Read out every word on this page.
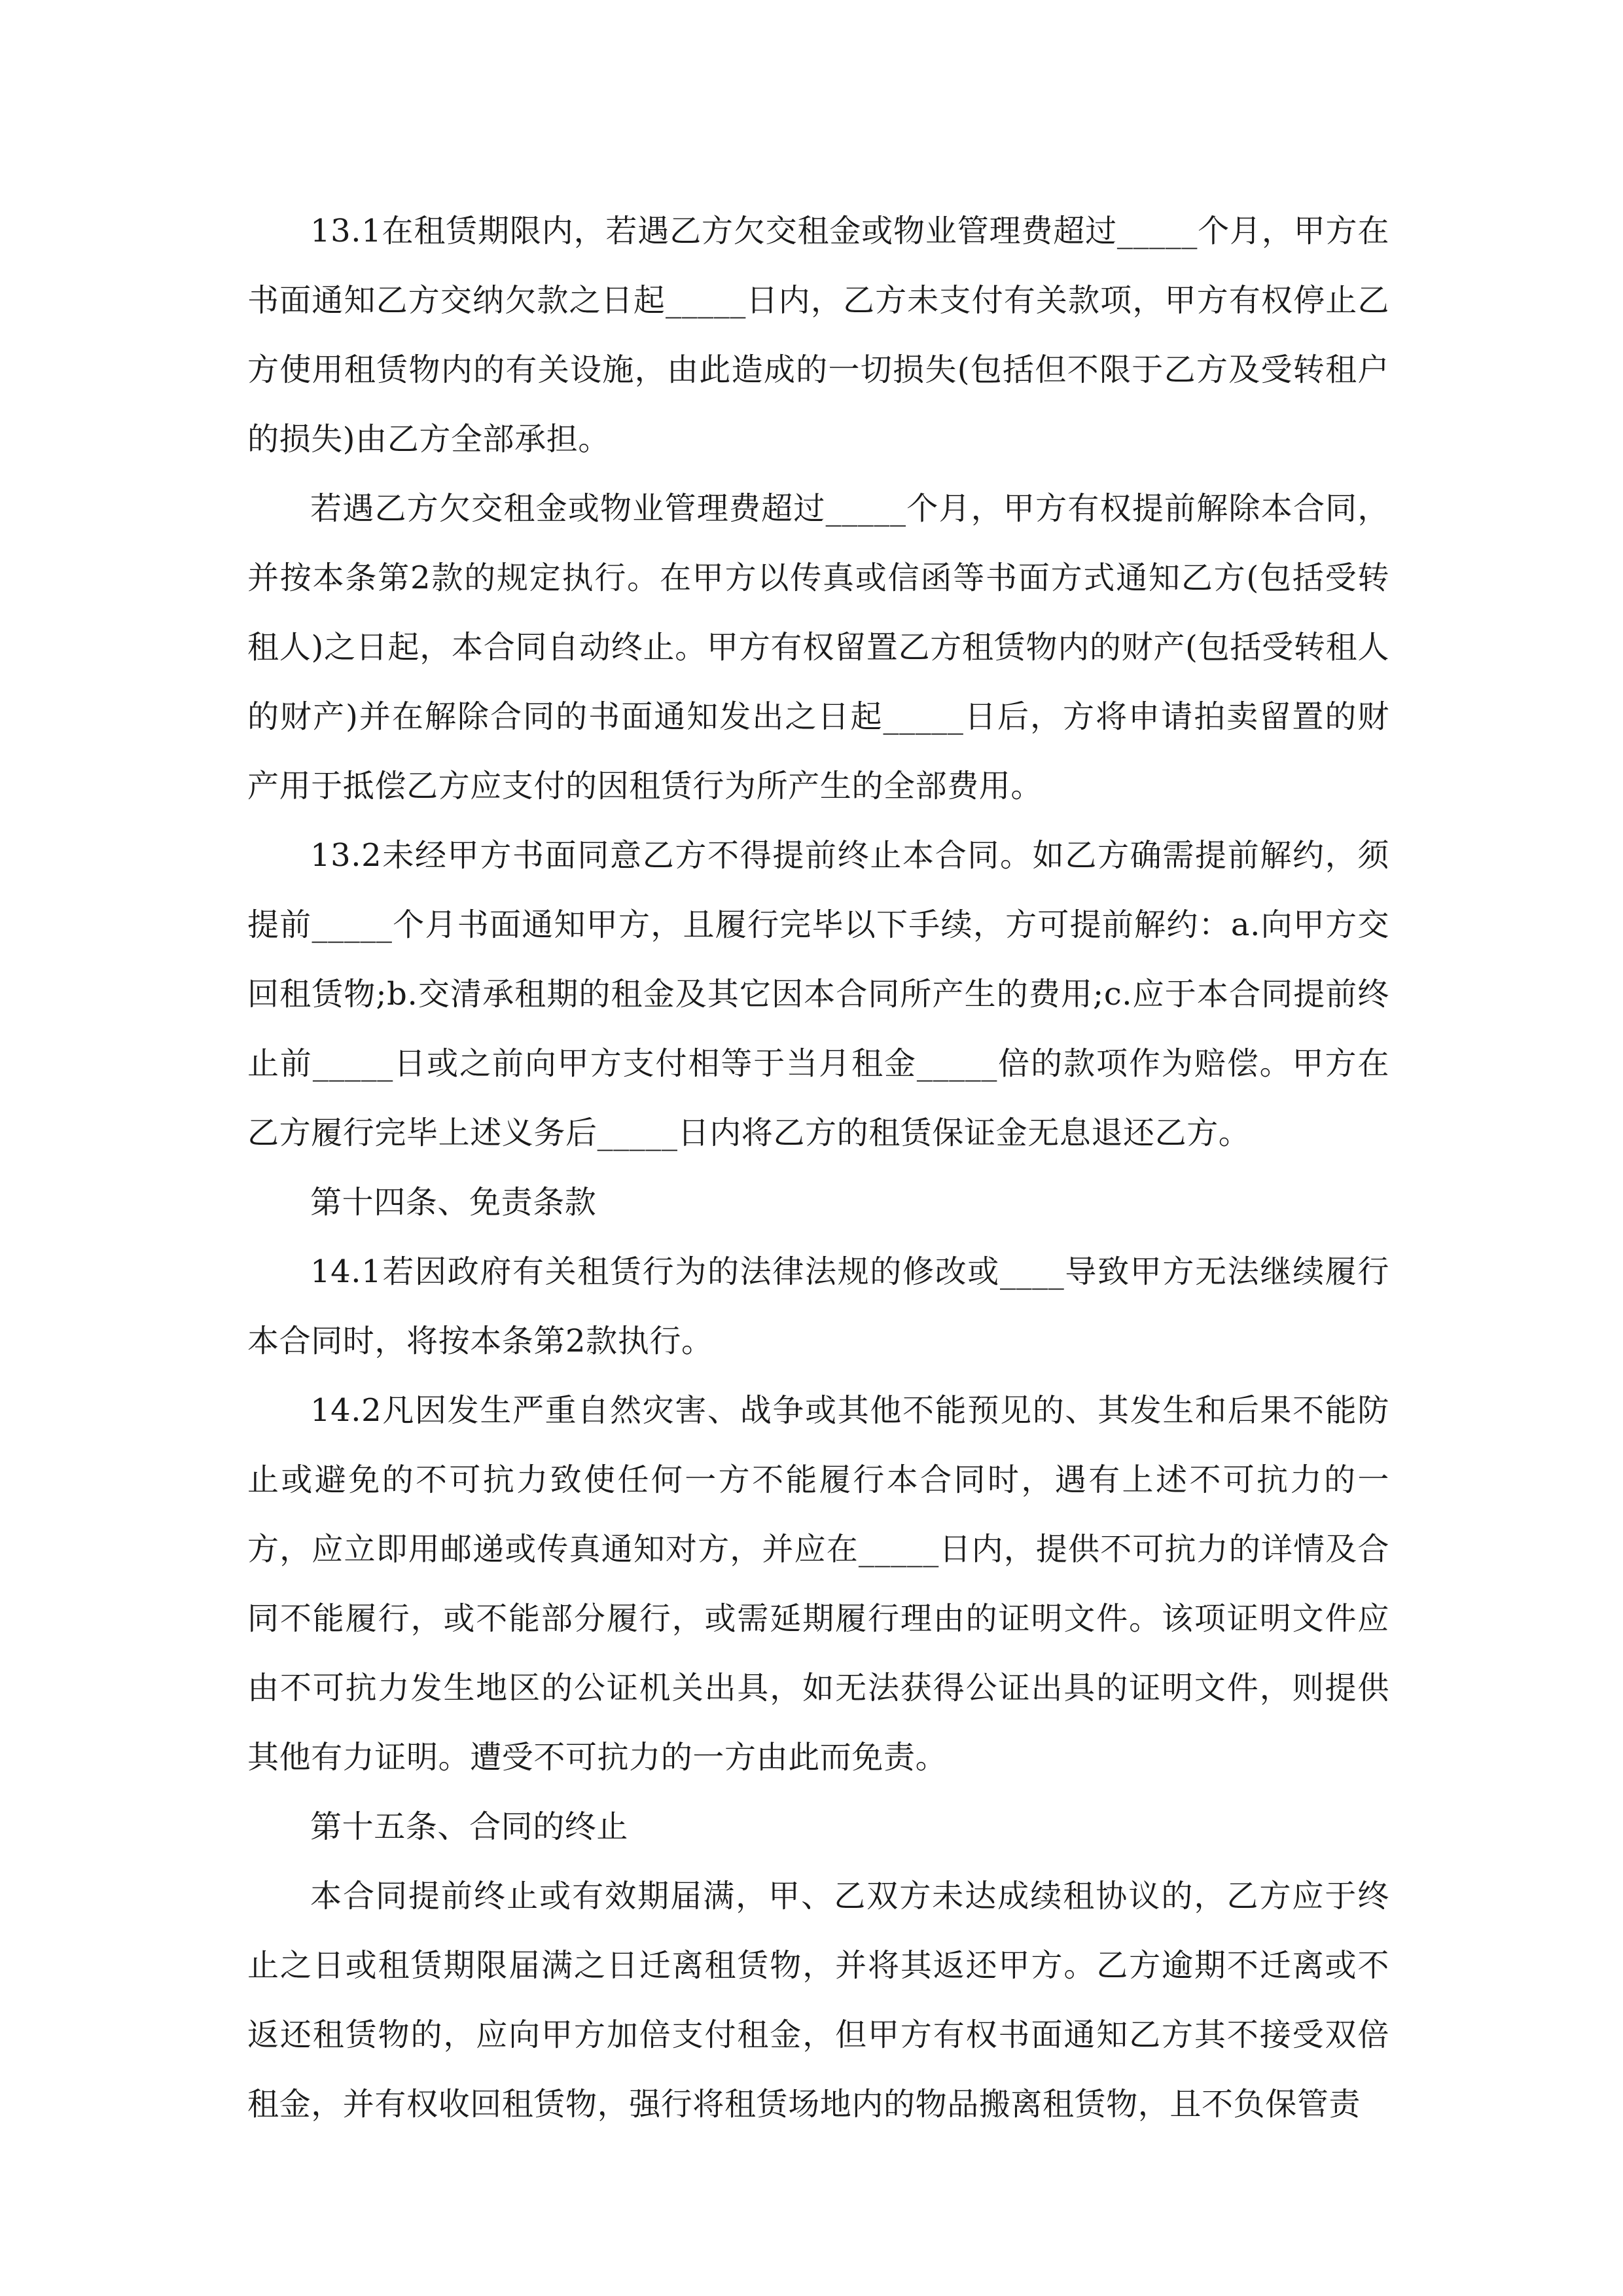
13.1在租赁期限内，若遇乙方欠交租金或物业管理费超过_____个月，甲方在书面通知乙方交纳欠款之日起_____日内，乙方未支付有关款项，甲方有权停止乙方使用租赁物内的有关设施，由此造成的一切损失(包括但不限于乙方及受转租户的损失)由乙方全部承担。

若遇乙方欠交租金或物业管理费超过_____个月，甲方有权提前解除本合同，并按本条第2款的规定执行。在甲方以传真或信函等书面方式通知乙方(包括受转租人)之日起，本合同自动终止。甲方有权留置乙方租赁物内的财产(包括受转租人的财产)并在解除合同的书面通知发出之日起_____日后，方将申请拍卖留置的财产用于抵偿乙方应支付的因租赁行为所产生的全部费用。

13.2未经甲方书面同意乙方不得提前终止本合同。如乙方确需提前解约，须提前_____个月书面通知甲方，且履行完毕以下手续，方可提前解约：a.向甲方交回租赁物;b.交清承租期的租金及其它因本合同所产生的费用;c.应于本合同提前终止前_____日或之前向甲方支付相等于当月租金_____倍的款项作为赔偿。甲方在乙方履行完毕上述义务后_____日内将乙方的租赁保证金无息退还乙方。

第十四条、免责条款

14.1若因政府有关租赁行为的法律法规的修改或____导致甲方无法继续履行本合同时，将按本条第2款执行。

14.2凡因发生严重自然灾害、战争或其他不能预见的、其发生和后果不能防止或避免的不可抗力致使任何一方不能履行本合同时，遇有上述不可抗力的一方，应立即用邮递或传真通知对方，并应在_____日内，提供不可抗力的详情及合同不能履行，或不能部分履行，或需延期履行理由的证明文件。该项证明文件应由不可抗力发生地区的公证机关出具，如无法获得公证出具的证明文件，则提供其他有力证明。遭受不可抗力的一方由此而免责。

第十五条、合同的终止

本合同提前终止或有效期届满，甲、乙双方未达成续租协议的，乙方应于终止之日或租赁期限届满之日迁离租赁物，并将其返还甲方。乙方逾期不迁离或不返还租赁物的，应向甲方加倍支付租金，但甲方有权书面通知乙方其不接受双倍租金，并有权收回租赁物，强行将租赁场地内的物品搬离租赁物，且不负保管责
